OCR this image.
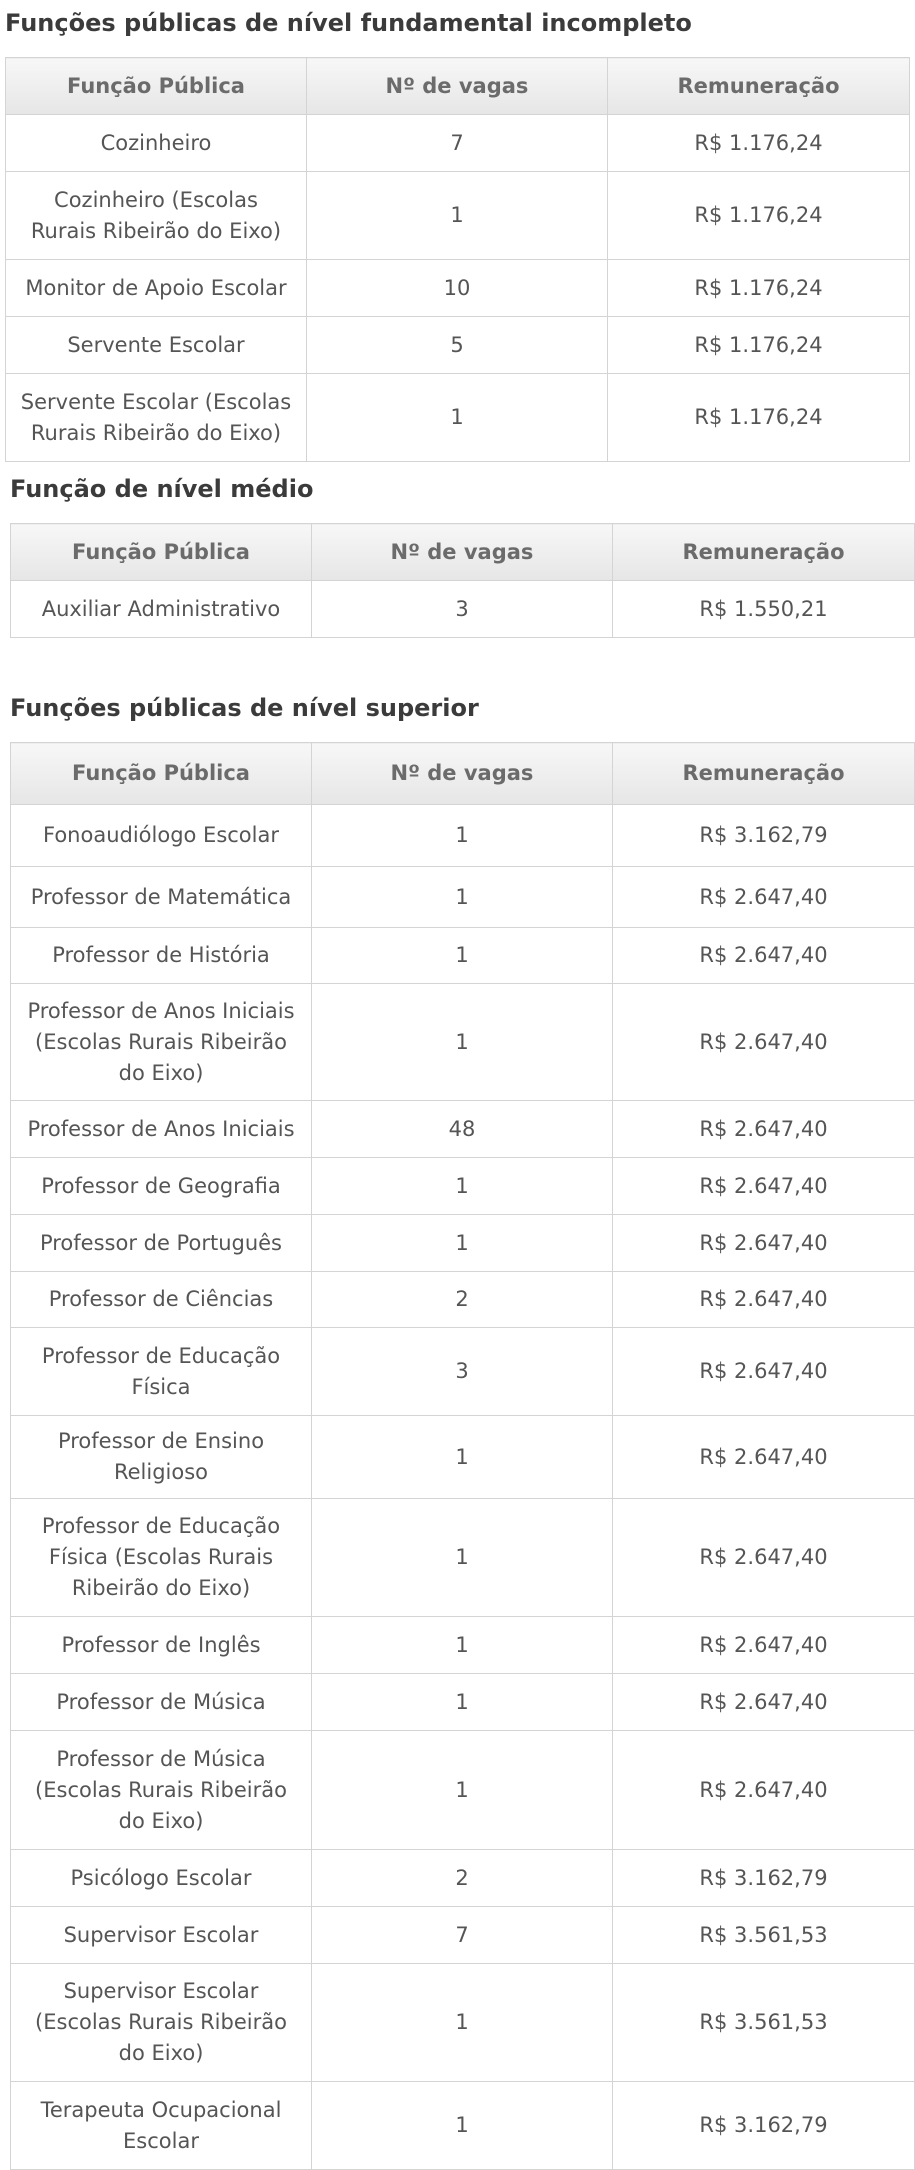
Funções públicas de nível fundamental incompleto
Função Pública	Nº de vagas	Remuneração
Cozinheiro	7	R$ 1.176,24
Cozinheiro (Escolas Rurais Ribeirão do Eixo)	1	R$ 1.176,24
Monitor de Apoio Escolar	10	R$ 1.176,24
Servente Escolar	5	R$ 1.176,24
Servente Escolar (Escolas Rurais Ribeirão do Eixo)	1	R$ 1.176,24
Função de nível médio
Função Pública	Nº de vagas	Remuneração
Auxiliar Administrativo	3	R$ 1.550,21
Funções públicas de nível superior
Função Pública	Nº de vagas	Remuneração
Fonoaudiólogo Escolar	1	R$ 3.162,79
Professor de Matemática	1	R$ 2.647,40
Professor de História	1	R$ 2.647,40
Professor de Anos Iniciais (Escolas Rurais Ribeirão do Eixo)	1	R$ 2.647,40
Professor de Anos Iniciais	48	R$ 2.647,40
Professor de Geografia	1	R$ 2.647,40
Professor de Português	1	R$ 2.647,40
Professor de Ciências	2	R$ 2.647,40
Professor de Educação Física	3	R$ 2.647,40
Professor de Ensino Religioso	1	R$ 2.647,40
Professor de Educação Física (Escolas Rurais Ribeirão do Eixo)	1	R$ 2.647,40
Professor de Inglês	1	R$ 2.647,40
Professor de Música	1	R$ 2.647,40
Professor de Música (Escolas Rurais Ribeirão do Eixo)	1	R$ 2.647,40
Psicólogo Escolar	2	R$ 3.162,79
Supervisor Escolar	7	R$ 3.561,53
Supervisor Escolar (Escolas Rurais Ribeirão do Eixo)	1	R$ 3.561,53
Terapeuta Ocupacional Escolar	1	R$ 3.162,79
